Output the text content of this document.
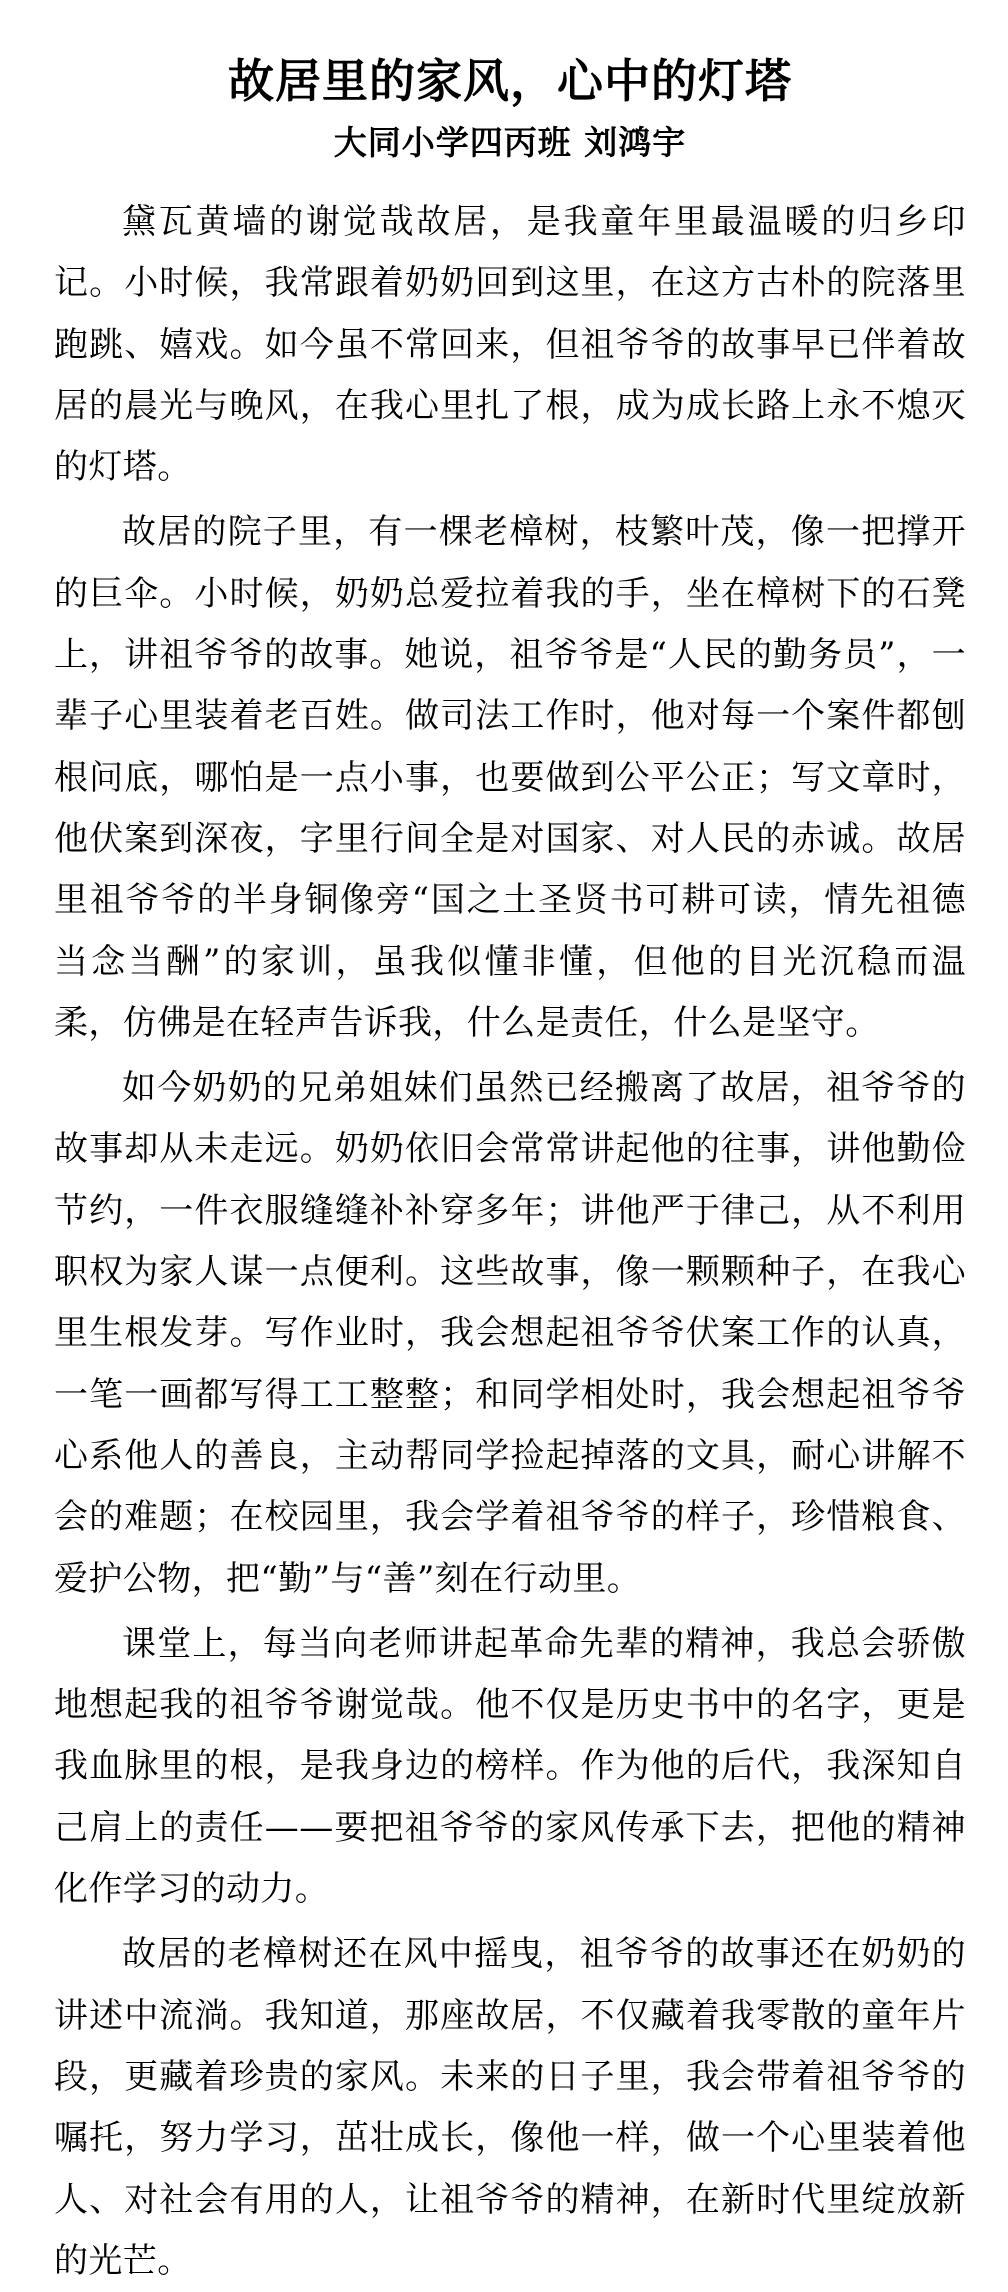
故居里的家风，心中的灯塔
大同小学四丙班 刘鸿宇

黛瓦黄墙的谢觉哉故居，是我童年里最温暖的归乡印记。小时候，我常跟着奶奶回到这里，在这方古朴的院落里跑跳、嬉戏。如今虽不常回来，但祖爷爷的故事早已伴着故居的晨光与晚风，在我心里扎了根，成为成长路上永不熄灭的灯塔。

故居的院子里，有一棵老樟树，枝繁叶茂，像一把撑开的巨伞。小时候，奶奶总爱拉着我的手，坐在樟树下的石凳上，讲祖爷爷的故事。她说，祖爷爷是“人民的勤务员”，一辈子心里装着老百姓。做司法工作时，他对每一个案件都刨根问底，哪怕是一点小事，也要做到公平公正；写文章时，他伏案到深夜，字里行间全是对国家、对人民的赤诚。故居里祖爷爷的半身铜像旁“国之土圣贤书可耕可读，情先祖德当念当酬”的家训，虽我似懂非懂，但他的目光沉稳而温柔，仿佛是在轻声告诉我，什么是责任，什么是坚守。

如今奶奶的兄弟姐妹们虽然已经搬离了故居，祖爷爷的故事却从未走远。奶奶依旧会常常讲起他的往事，讲他勤俭节约，一件衣服缝缝补补穿多年；讲他严于律己，从不利用职权为家人谋一点便利。这些故事，像一颗颗种子，在我心里生根发芽。写作业时，我会想起祖爷爷伏案工作的认真，一笔一画都写得工工整整；和同学相处时，我会想起祖爷爷心系他人的善良，主动帮同学捡起掉落的文具，耐心讲解不会的难题；在校园里，我会学着祖爷爷的样子，珍惜粮食、爱护公物，把“勤”与“善”刻在行动里。

课堂上，每当向老师讲起革命先辈的精神，我总会骄傲地想起我的祖爷爷谢觉哉。他不仅是历史书中的名字，更是我血脉里的根，是我身边的榜样。作为他的后代，我深知自己肩上的责任——要把祖爷爷的家风传承下去，把他的精神化作学习的动力。

故居的老樟树还在风中摇曳，祖爷爷的故事还在奶奶的讲述中流淌。我知道，那座故居，不仅藏着我零散的童年片段，更藏着珍贵的家风。未来的日子里，我会带着祖爷爷的嘱托，努力学习，茁壮成长，像他一样，做一个心里装着他人、对社会有用的人，让祖爷爷的精神，在新时代里绽放新的光芒。
